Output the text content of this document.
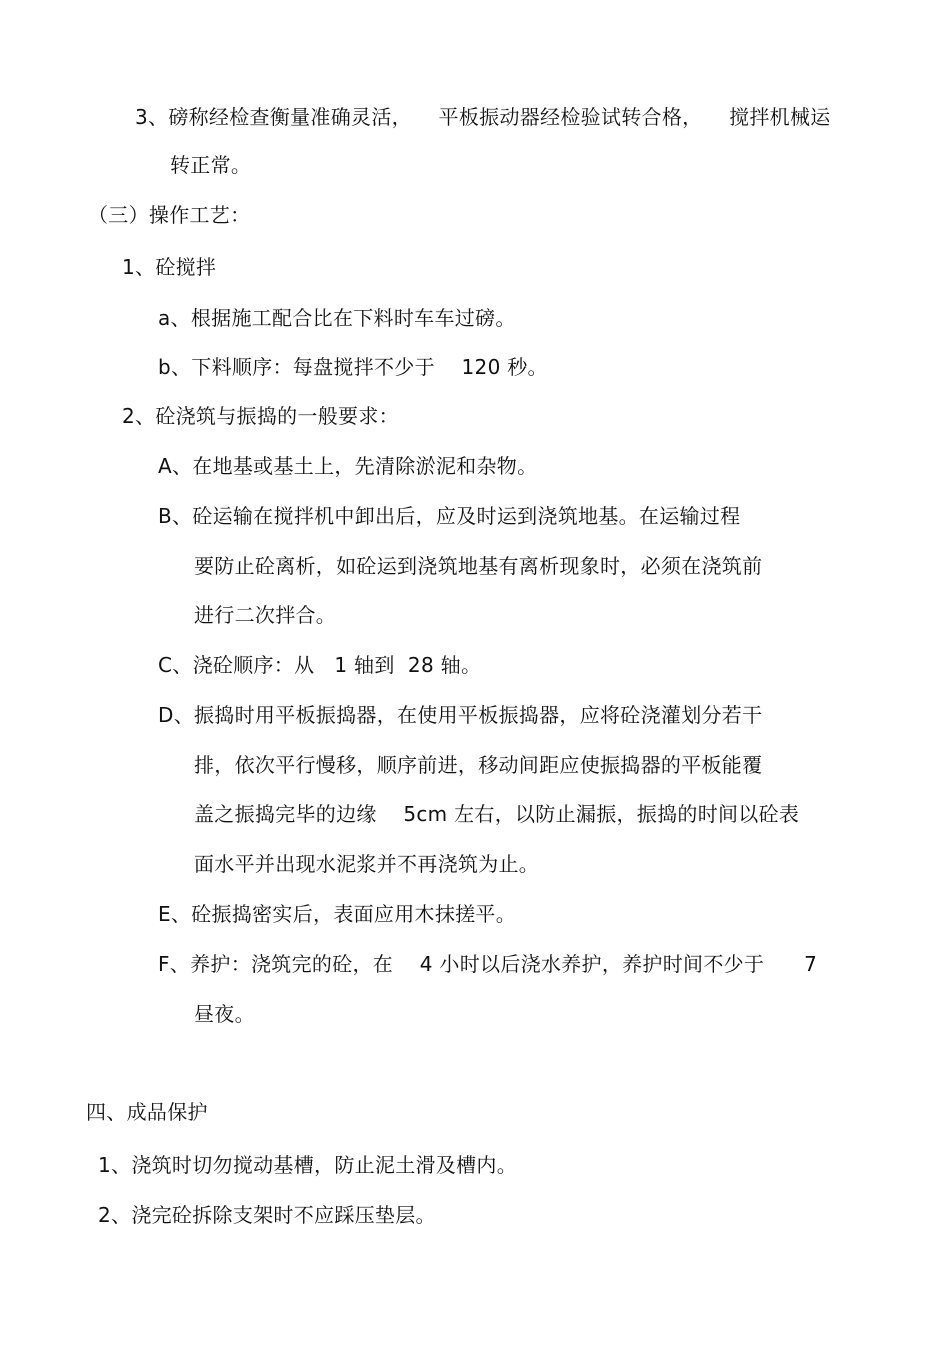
3、磅称经检查衡量准确灵活，    平板振动器经检验试转合格，    搅拌机械运
转正常。
（三）操作工艺：
1、砼搅拌
a、根据施工配合比在下料时车车过磅。
b、下料顺序：每盘搅拌不少于    120 秒。
2、砼浇筑与振捣的一般要求：
A、在地基或基土上，先清除淤泥和杂物。
B、砼运输在搅拌机中卸出后，应及时运到浇筑地基。在运输过程
要防止砼离析，如砼运到浇筑地基有离析现象时，必须在浇筑前
进行二次拌合。
C、浇砼顺序：从   1 轴到  28 轴。
D、振捣时用平板振捣器，在使用平板振捣器，应将砼浇灌划分若干
排，依次平行慢移，顺序前进，移动间距应使振捣器的平板能覆
盖之振捣完毕的边缘    5cm 左右，以防止漏振，振捣的时间以砼表
面水平并出现水泥浆并不再浇筑为止。
E、砼振捣密实后，表面应用木抹搓平。
F、养护：浇筑完的砼，在    4 小时以后浇水养护，养护时间不少于      7
昼夜。
四、成品保护
1、浇筑时切勿搅动基槽，防止泥土滑及槽内。
2、浇完砼拆除支架时不应踩压垫层。
